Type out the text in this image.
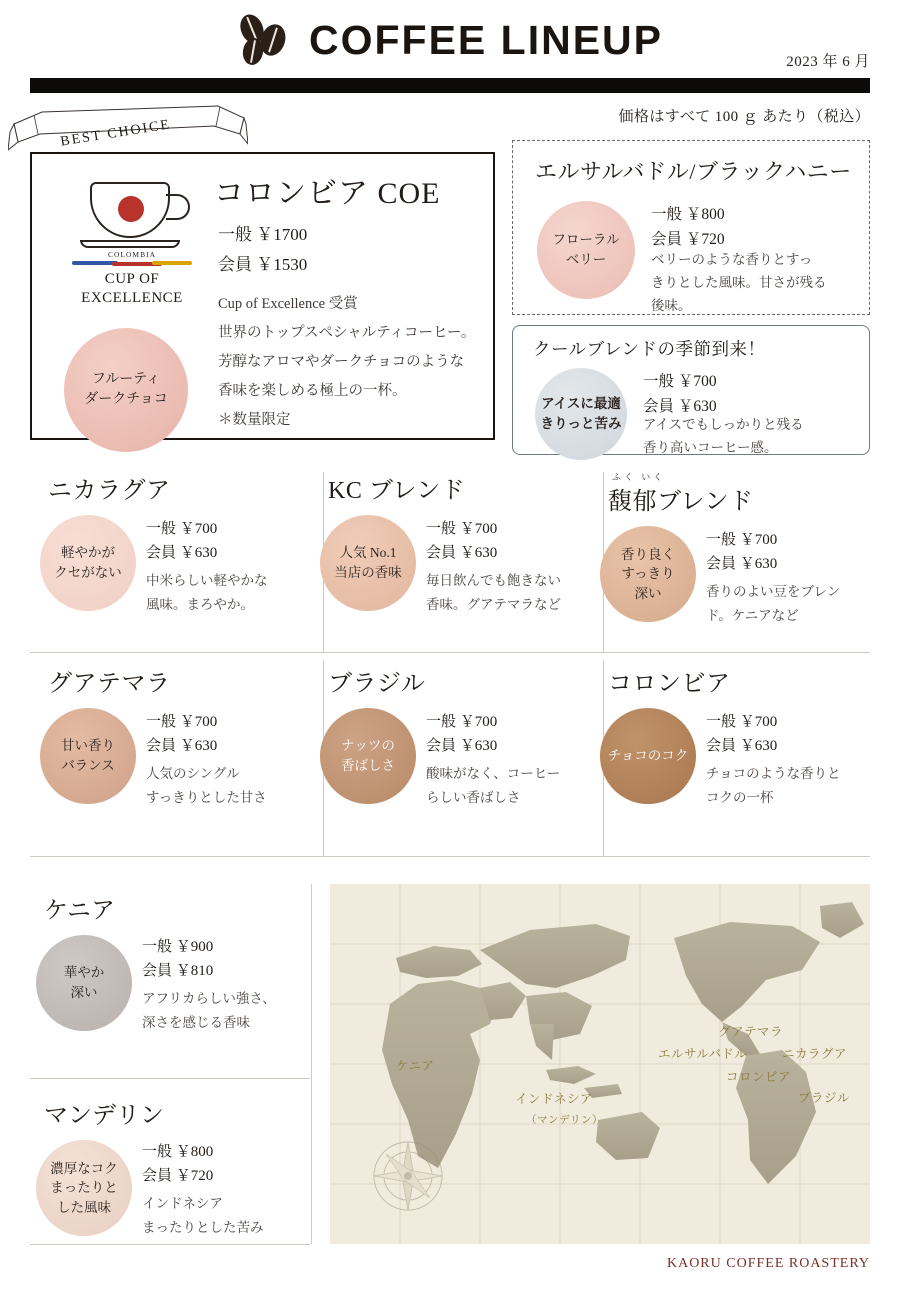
COFFEE LINEUP	2023 年 6 月
価格はすべて 100 ｇ あたり（税込）
BEST CHOICE
コロンビア COE
一般 ￥1700
会員 ￥1530
Cup of Excellence 受賞
世界のトップスペシャルティコーヒー。
芳醇なアロマやダークチョコのような
香味を楽しめる極上の一杯。
＊数量限定
COLOMBIA
CUP OF
EXCELLENCE
フルーティ
ダークチョコ
エルサルバドル/ブラックハニー
フローラル
ベリー
一般 ￥800
会員 ￥720
ベリーのような香りとすっ
きりとした風味。甘さが残る
後味。
クールブレンドの季節到来！
アイスに最適
きりっと苦み
一般 ￥700
会員 ￥630
アイスでもしっかりと残る
香り高いコーヒー感。
ニカラグア
軽やかが
クセがない
一般 ￥700
会員 ￥630
中米らしい軽やかな
風味。まろやか。
KC ブレンド
人気 No.1
当店の香味
一般 ￥700
会員 ￥630
毎日飲んでも飽きない
香味。グアテマラなど
ふく いく
馥郁ブレンド
香り良く
すっきり
深い
一般 ￥700
会員 ￥630
香りのよい豆をブレン
ド。ケニアなど
グアテマラ
甘い香り
バランス
一般 ￥700
会員 ￥630
人気のシングル
すっきりとした甘さ
ブラジル
ナッツの
香ばしさ
一般 ￥700
会員 ￥630
酸味がなく、コーヒー
らしい香ばしさ
コロンビア
チョコのコク
一般 ￥700
会員 ￥630
チョコのような香りと
コクの一杯
ケニア
華やか
深い
一般 ￥900
会員 ￥810
アフリカらしい強さ、
深さを感じる香味
マンデリン
濃厚なコク
まったりと
した風味
一般 ￥800
会員 ￥720
インドネシア
まったりとした苦み
ケニア
インドネシア
（マンデリン）
グアテマラ
エルサルバドル	ニカラグア
コロンビア
ブラジル
KAORU COFFEE ROASTERY
